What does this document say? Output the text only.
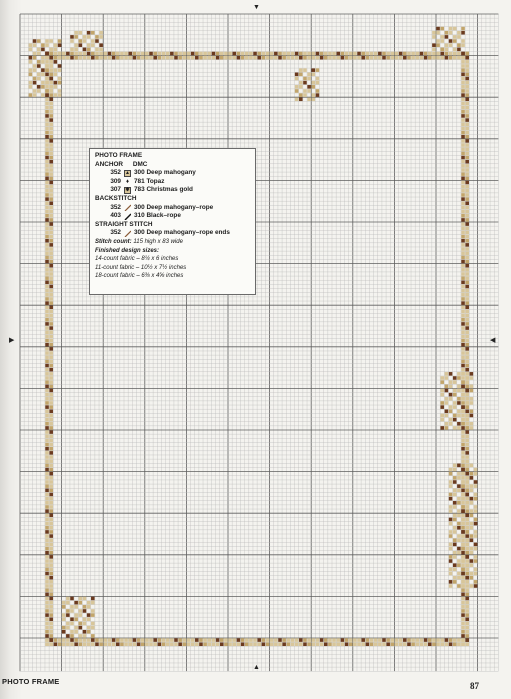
▼
▲
▶	◀
PHOTO FRAME
ANCHOR DMC
352 ▲ 300 Deep mahogany
309 ♦ 781 Topaz
307 ✱ 783 Christmas gold
BACKSTITCH
352	300 Deep mahogany–rope
403	310 Black–rope
STRAIGHT STITCH
352	300 Deep mahogany–rope ends
Stitch count: 115 high x 83 wide
Finished design sizes:
14-count fabric – 8¼ x 6 inches
11-count fabric – 10½ x 7½ inches
18-count fabric – 6⅜ x 4⅝ inches
PHOTO FRAME	87
